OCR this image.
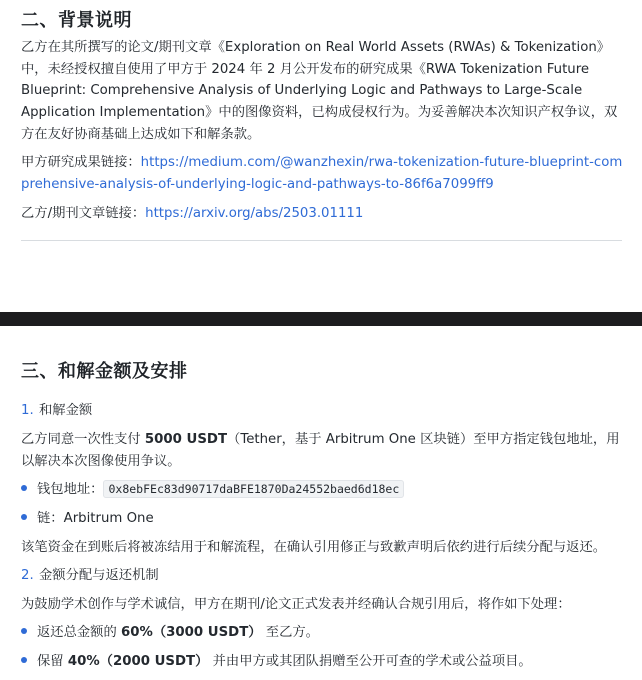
二、背景说明
乙方在其所撰写的论文/期刊文章《Exploration on Real World Assets (RWAs) & Tokenization》中，未经授权擅自使用了甲方于 2024 年 2 月公开发布的研究成果《RWA Tokenization Future Blueprint: Comprehensive Analysis of Underlying Logic and Pathways to Large-Scale Application Implementation》中的图像资料，已构成侵权行为。为妥善解决本次知识产权争议，双方在友好协商基础上达成如下和解条款。
甲方研究成果链接：https://medium.com/@wanzhexin/rwa-tokenization-future-blueprint-comprehensive-analysis-of-underlying-logic-and-pathways-to-86f6a7099ff9
乙方/期刊文章链接：https://arxiv.org/abs/2503.01111
三、和解金额及安排
1. 和解金额
乙方同意一次性支付 5000 USDT（Tether，基于 Arbitrum One 区块链）至甲方指定钱包地址，用以解决本次图像使用争议。
钱包地址： 0x8ebFEc83d90717daBFE1870Da24552baed6d18ec
链：Arbitrum One
该笔资金在到账后将被冻结用于和解流程，在确认引用修正与致歉声明后依约进行后续分配与返还。
2. 金额分配与返还机制
为鼓励学术创作与学术诚信，甲方在期刊/论文正式发表并经确认合规引用后，将作如下处理：
返还总金额的 60%（3000 USDT） 至乙方。
保留 40%（2000 USDT） 并由甲方或其团队捐赠至公开可查的学术或公益项目。
